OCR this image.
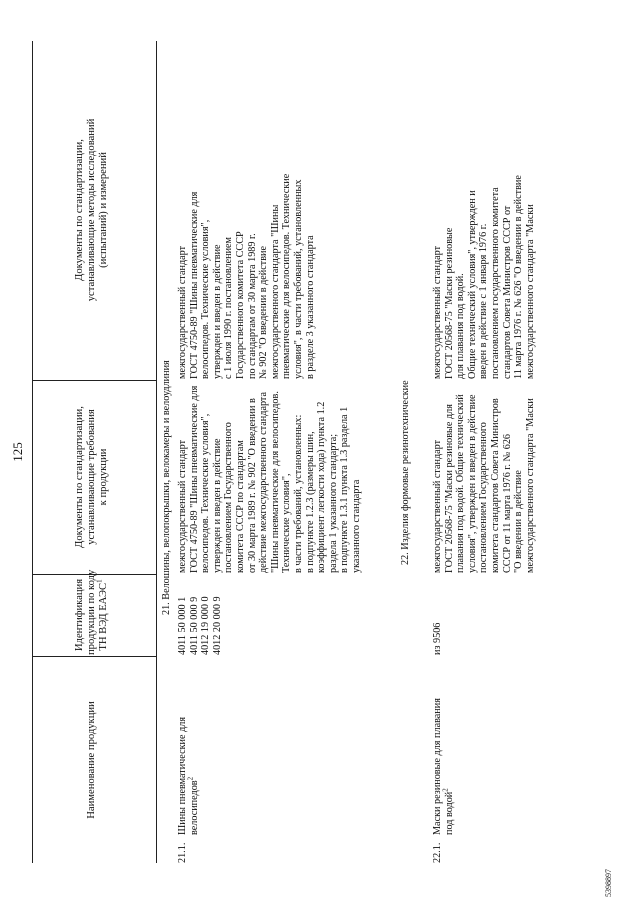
125
Наименование продукции
Идентификация продукции по коду ТН ВЭД ЕАЭС$^1$
Документы по стандартизации, устанавливающие требования к продукции
Документы по стандартизации, устанавливающие методы исследований (испытаний) и измерений
21. Велошины, велопокрышки, велокамеры и велоудлиния
21.1.
Шины пневматические для велосипедов$^2$
4011 50 000 1 4011 50 000 9 4012 19 000 0 4012 20 000 9
межгосударственный стандарт ГОСТ 4750-89 "Шины пневматические для велосипедов. Технические условия", утвержден и введен в действие постановлением Государственного комитета СССР по стандартам от 30 марта 1989 г. № 902 "О введении в действие межгосударственного стандарта "Шины пневматические для велосипедов. Технические условия", в части требований, установленных: в подпункте 1.2.3 (размеры шин, коэффициент легкости хода) пункта 1.2 раздела 1 указанного стандарта; в подпункте 1.3.1 пункта 1.3 раздела 1 указанного стандарта
межгосударственный стандарт ГОСТ 4750-89 "Шины пневматические для велосипедов. Технические условия", утвержден и введен в действие с 1 июля 1990 г. постановлением Государственного комитета СССР по стандартам от 30 марта 1989 г. № 902 "О введении в действие межгосударственного стандарта "Шины пневматические для велосипедов. Технические условия", в части требований, установленных в разделе 3 указанного стандарта
22. Изделия формовые резинотехнические
22.1.
Маски резиновые для плавания под водой$^2$
из 9506
межгосударственный стандарт ГОСТ 20568-75 "Маски резиновые для плавания под водой. Общие технический условия", утвержден и введен в действие постановлением Государственного комитета стандартов Совета Министров СССР от 11 марта 1976 г. № 626 "О введении в действие межгосударственного стандарта "Маски
межгосударственный стандарт ГОСТ 20568-75 "Маски резиновые для плавания под водой. Общие технический условия", утвержден и введен в действие с 1 января 1976 г. постановлением государственного комитета стандартов Совета Министров СССР от 11 марта 1976 г. № 626 "О введении в действие межгосударственного стандарта "Маски
5398897
